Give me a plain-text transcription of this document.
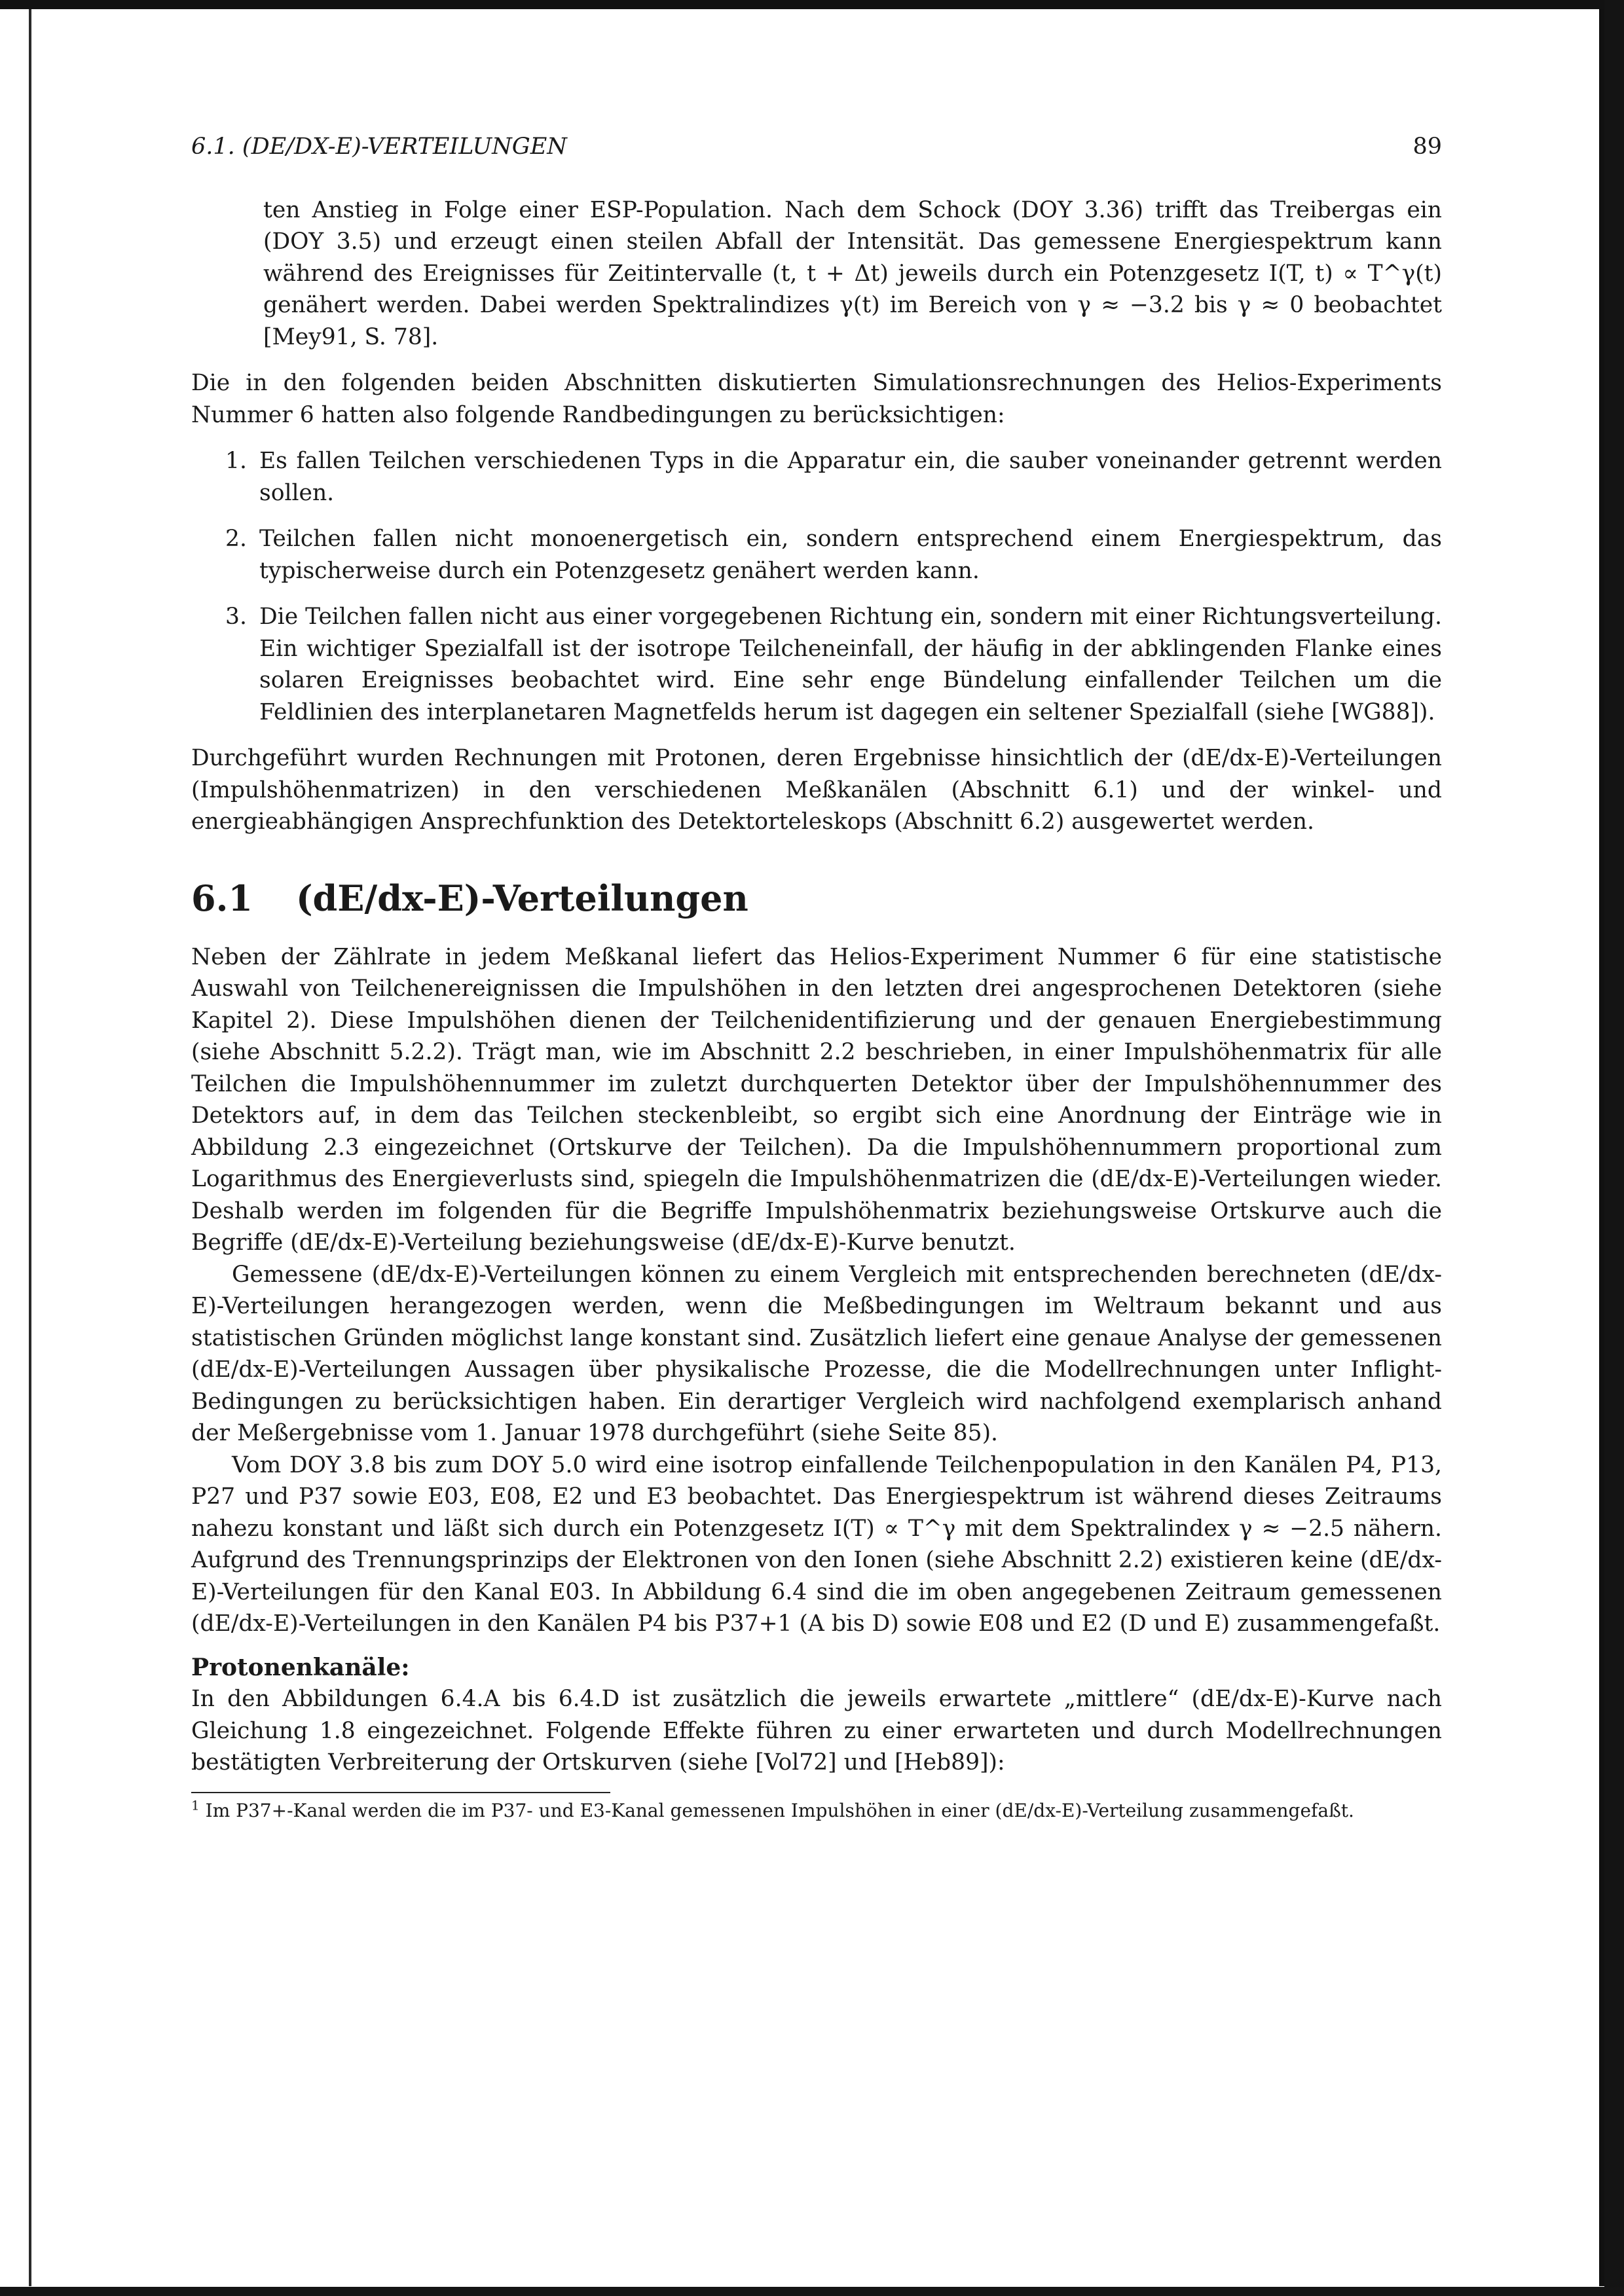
6.1. (DE/DX-E)-VERTEILUNGEN	89

ten Anstieg in Folge einer ESP-Population. Nach dem Schock (DOY 3.36) trifft das Treibergas ein (DOY 3.5) und erzeugt einen steilen Abfall der Intensität. Das gemessene Energiespektrum kann während des Ereignisses für Zeitintervalle (t, t + Δt) jeweils durch ein Potenzgesetz I(T, t) ∝ T^γ(t) genähert werden. Dabei werden Spektralindizes γ(t) im Bereich von γ ≈ −3.2 bis γ ≈ 0 beobachtet [Mey91, S. 78].

Die in den folgenden beiden Abschnitten diskutierten Simulationsrechnungen des Helios-Experiments Nummer 6 hatten also folgende Randbedingungen zu berücksichtigen:

1. Es fallen Teilchen verschiedenen Typs in die Apparatur ein, die sauber voneinander getrennt werden sollen.
2. Teilchen fallen nicht monoenergetisch ein, sondern entsprechend einem Energiespektrum, das typischerweise durch ein Potenzgesetz genähert werden kann.
3. Die Teilchen fallen nicht aus einer vorgegebenen Richtung ein, sondern mit einer Richtungsverteilung. Ein wichtiger Spezialfall ist der isotrope Teilcheneinfall, der häufig in der abklingenden Flanke eines solaren Ereignisses beobachtet wird. Eine sehr enge Bündelung einfallender Teilchen um die Feldlinien des interplanetaren Magnetfelds herum ist dagegen ein seltener Spezialfall (siehe [WG88]).

Durchgeführt wurden Rechnungen mit Protonen, deren Ergebnisse hinsichtlich der (dE/dx-E)-Verteilungen (Impulshöhenmatrizen) in den verschiedenen Meßkanälen (Abschnitt 6.1) und der winkel- und energieabhängigen Ansprechfunktion des Detektorteleskops (Abschnitt 6.2) ausgewertet werden.

6.1	(dE/dx-E)-Verteilungen

Neben der Zählrate in jedem Meßkanal liefert das Helios-Experiment Nummer 6 für eine statistische Auswahl von Teilchenereignissen die Impulshöhen in den letzten drei angesprochenen Detektoren (siehe Kapitel 2). Diese Impulshöhen dienen der Teilchenidentifizierung und der genauen Energiebestimmung (siehe Abschnitt 5.2.2). Trägt man, wie im Abschnitt 2.2 beschrieben, in einer Impulshöhenmatrix für alle Teilchen die Impulshöhennummer im zuletzt durchquerten Detektor über der Impulshöhennummer des Detektors auf, in dem das Teilchen steckenbleibt, so ergibt sich eine Anordnung der Einträge wie in Abbildung 2.3 eingezeichnet (Ortskurve der Teilchen). Da die Impulshöhennummern proportional zum Logarithmus des Energieverlusts sind, spiegeln die Impulshöhenmatrizen die (dE/dx-E)-Verteilungen wieder. Deshalb werden im folgenden für die Begriffe Impulshöhenmatrix beziehungsweise Ortskurve auch die Begriffe (dE/dx-E)-Verteilung beziehungsweise (dE/dx-E)-Kurve benutzt.

Gemessene (dE/dx-E)-Verteilungen können zu einem Vergleich mit entsprechenden berechneten (dE/dx-E)-Verteilungen herangezogen werden, wenn die Meßbedingungen im Weltraum bekannt und aus statistischen Gründen möglichst lange konstant sind. Zusätzlich liefert eine genaue Analyse der gemessenen (dE/dx-E)-Verteilungen Aussagen über physikalische Prozesse, die die Modellrechnungen unter Inflight-Bedingungen zu berücksichtigen haben. Ein derartiger Vergleich wird nachfolgend exemplarisch anhand der Meßergebnisse vom 1. Januar 1978 durchgeführt (siehe Seite 85).

Vom DOY 3.8 bis zum DOY 5.0 wird eine isotrop einfallende Teilchenpopulation in den Kanälen P4, P13, P27 und P37 sowie E03, E08, E2 und E3 beobachtet. Das Energiespektrum ist während dieses Zeitraums nahezu konstant und läßt sich durch ein Potenzgesetz I(T) ∝ T^γ mit dem Spektralindex γ ≈ −2.5 nähern. Aufgrund des Trennungsprinzips der Elektronen von den Ionen (siehe Abschnitt 2.2) existieren keine (dE/dx-E)-Verteilungen für den Kanal E03. In Abbildung 6.4 sind die im oben angegebenen Zeitraum gemessenen (dE/dx-E)-Verteilungen in den Kanälen P4 bis P37+1 (A bis D) sowie E08 und E2 (D und E) zusammengefaßt.

Protonenkanäle:

In den Abbildungen 6.4.A bis 6.4.D ist zusätzlich die jeweils erwartete „mittlere“ (dE/dx-E)-Kurve nach Gleichung 1.8 eingezeichnet. Folgende Effekte führen zu einer erwarteten und durch Modellrechnungen bestätigten Verbreiterung der Ortskurven (siehe [Vol72] und [Heb89]):

$^1$ Im P37+-Kanal werden die im P37- und E3-Kanal gemessenen Impulshöhen in einer (dE/dx-E)-Verteilung zusammengefaßt.
